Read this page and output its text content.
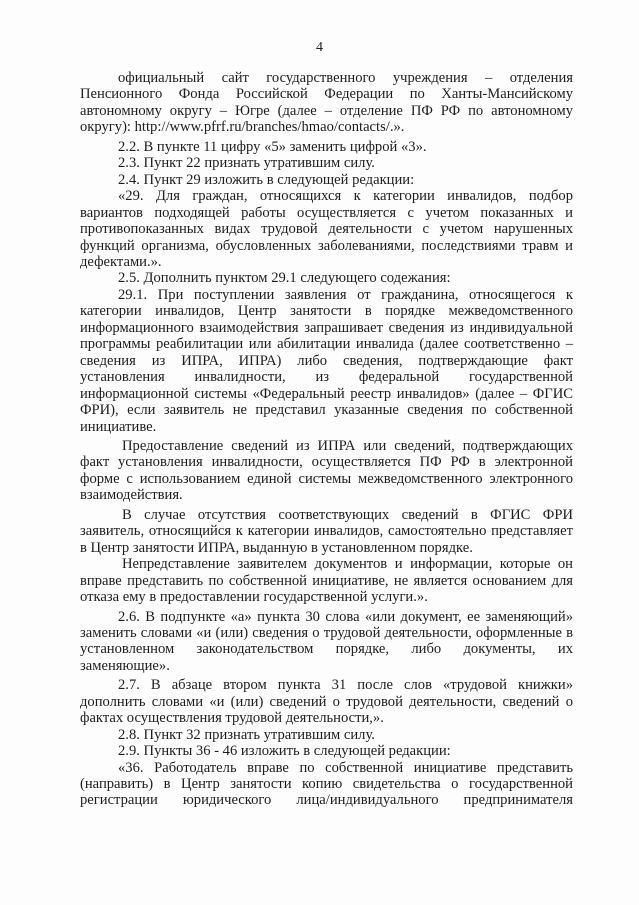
4

официальный сайт государственного учреждения – отделения Пенсионного Фонда Российской Федерации по Ханты-Мансийскому автономному округу – Югре (далее – отделение ПФ РФ по автономному округу): http://www.pfrf.ru/branches/hmao/contacts/.».

2.2. В пункте 11 цифру «5» заменить цифрой «3».

2.3. Пункт 22 признать утратившим силу.

2.4. Пункт 29 изложить в следующей редакции:

«29. Для граждан, относящихся к категории инвалидов, подбор вариантов подходящей работы осуществляется с учетом показанных и противопоказанных видах трудовой деятельности с учетом нарушенных функций организма, обусловленных заболеваниями, последствиями травм и дефектами.».

2.5. Дополнить пунктом 29.1 следующего содежания:

29.1. При поступлении заявления от гражданина, относящегося к категории инвалидов, Центр занятости в порядке межведомственного информационного взаимодействия запрашивает сведения из индивидуальной программы реабилитации или абилитации инвалида (далее соответственно – сведения из ИПРА, ИПРА) либо сведения, подтверждающие факт установления инвалидности, из федеральной государственной информационной системы «Федеральный реестр инвалидов» (далее – ФГИС ФРИ), если заявитель не представил указанные сведения по собственной инициативе.

Предоставление сведений из ИПРА или сведений, подтверждающих факт установления инвалидности, осуществляется ПФ РФ в электронной форме с использованием единой системы межведомственного электронного взаимодействия.

В случае отсутствия соответствующих сведений в ФГИС ФРИ заявитель, относящийся к категории инвалидов, самостоятельно представляет в Центр занятости ИПРА, выданную в установленном порядке.

Непредставление заявителем документов и информации, которые он вправе представить по собственной инициативе, не является основанием для отказа ему в предоставлении государственной услуги.».

2.6. В подпункте «а» пункта 30 слова «или документ, ее заменяющий» заменить словами «и (или) сведения о трудовой деятельности, оформленные в установленном законодательством порядке, либо документы, их заменяющие».

2.7. В абзаце втором пункта 31 после слов «трудовой книжки» дополнить словами «и (или) сведений о трудовой деятельности, сведений о фактах осуществления трудовой деятельности,».

2.8. Пункт 32 признать утратившим силу.

2.9. Пункты 36 - 46 изложить в следующей редакции:

«36. Работодатель вправе по собственной инициативе представить (направить) в Центр занятости копию свидетельства о государственной регистрации юридического лица/индивидуального предпринимателя
